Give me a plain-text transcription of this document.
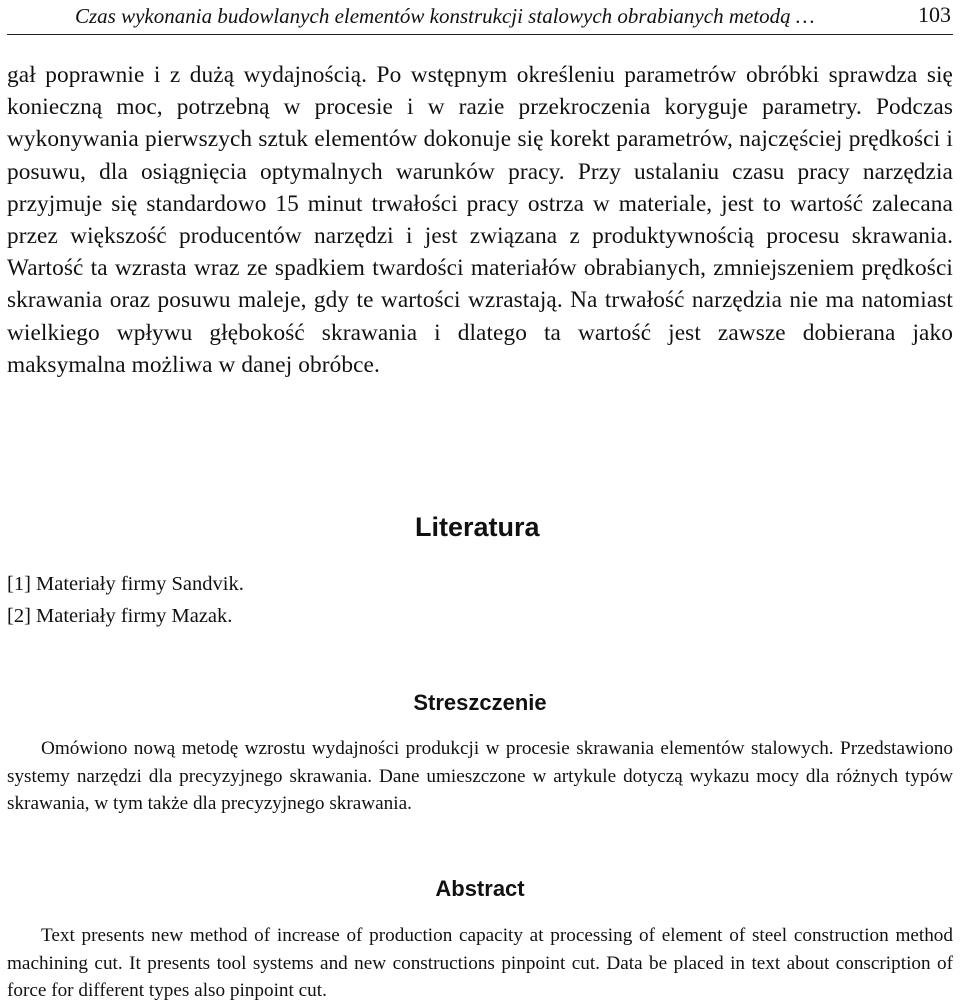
Czas wykonania budowlanych elementów konstrukcji stalowych obrabianych metodą …	103

gał poprawnie i z dużą wydajnością. Po wstępnym określeniu parametrów obróbki sprawdza się konieczną moc, potrzebną w procesie i w razie przekroczenia koryguje parametry. Podczas wykonywania pierwszych sztuk elementów dokonuje się korekt parametrów, najczęściej prędkości i posuwu, dla osiągnięcia optymalnych warunków pracy. Przy ustalaniu czasu pracy narzędzia przyjmuje się standardowo 15 minut trwałości pracy ostrza w materiale, jest to wartość zalecana przez większość producentów narzędzi i jest związana z produktywnością procesu skrawania. Wartość ta wzrasta wraz ze spadkiem twardości materiałów obrabianych, zmniejszeniem prędkości skrawania oraz posuwu maleje, gdy te wartości wzrastają. Na trwałość narzędzia nie ma natomiast wielkiego wpływu głębokość skrawania i dlatego ta wartość jest zawsze dobierana jako maksymalna możliwa w danej obróbce.

Literatura
[1] Materiały firmy Sandvik.
[2] Materiały firmy Mazak.
Streszczenie

Omówiono nową metodę wzrostu wydajności produkcji w procesie skrawania elementów stalowych. Przedstawiono systemy narzędzi dla precyzyjnego skrawania. Dane umieszczone w artykule dotyczą wykazu mocy dla różnych typów skrawania, w tym także dla precyzyjnego skrawania.

Abstract

Text presents new method of increase of production capacity at processing of element of steel construction method machining cut. It presents tool systems and new constructions pinpoint cut. Data be placed in text about conscription of force for different types also pinpoint cut.
